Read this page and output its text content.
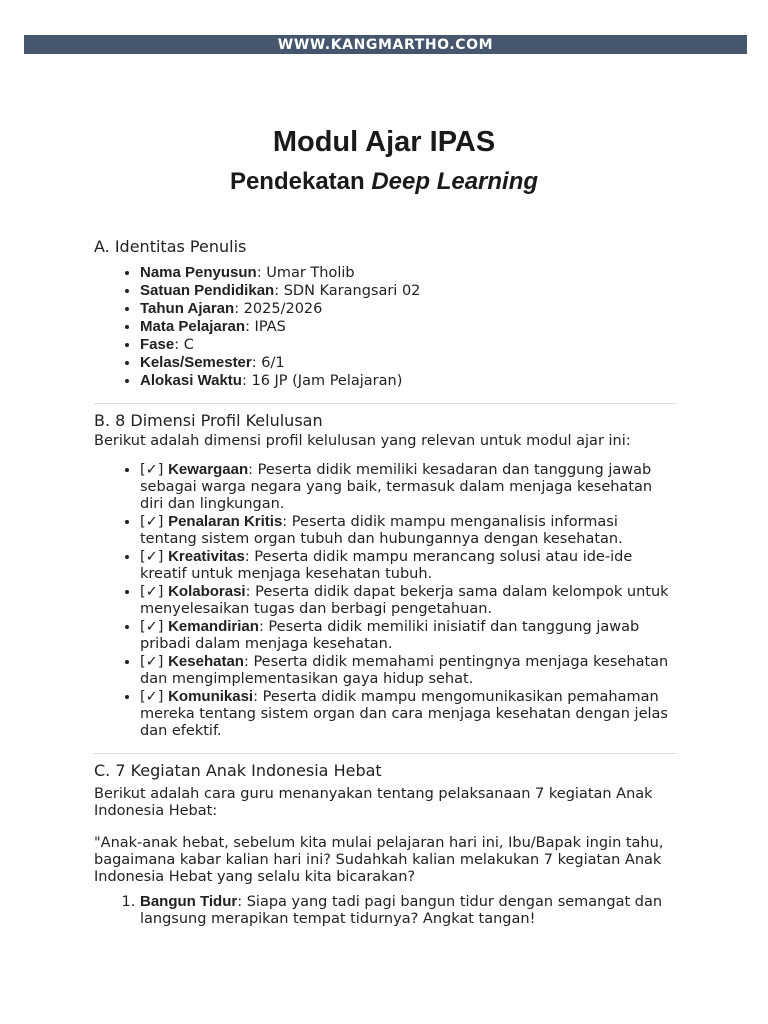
WWW.KANGMARTHO.COM
Modul Ajar IPAS
Pendekatan Deep Learning
A. Identitas Penulis
• Nama Penyusun: Umar Tholib
• Satuan Pendidikan: SDN Karangsari 02
• Tahun Ajaran: 2025/2026
• Mata Pelajaran: IPAS
• Fase: C
• Kelas/Semester: 6/1
• Alokasi Waktu: 16 JP (Jam Pelajaran)
B. 8 Dimensi Profil Kelulusan

Berikut adalah dimensi profil kelulusan yang relevan untuk modul ajar ini:

• [✓] Kewargaan: Peserta didik memiliki kesadaran dan tanggung jawab sebagai warga negara yang baik, termasuk dalam menjaga kesehatan diri dan lingkungan.
• [✓] Penalaran Kritis: Peserta didik mampu menganalisis informasi tentang sistem organ tubuh dan hubungannya dengan kesehatan.
• [✓] Kreativitas: Peserta didik mampu merancang solusi atau ide-ide kreatif untuk menjaga kesehatan tubuh.
• [✓] Kolaborasi: Peserta didik dapat bekerja sama dalam kelompok untuk menyelesaikan tugas dan berbagi pengetahuan.
• [✓] Kemandirian: Peserta didik memiliki inisiatif dan tanggung jawab pribadi dalam menjaga kesehatan.
• [✓] Kesehatan: Peserta didik memahami pentingnya menjaga kesehatan dan mengimplementasikan gaya hidup sehat.
• [✓] Komunikasi: Peserta didik mampu mengomunikasikan pemahaman mereka tentang sistem organ dan cara menjaga kesehatan dengan jelas dan efektif.
C. 7 Kegiatan Anak Indonesia Hebat

Berikut adalah cara guru menanyakan tentang pelaksanaan 7 kegiatan Anak Indonesia Hebat:

"Anak-anak hebat, sebelum kita mulai pelajaran hari ini, Ibu/Bapak ingin tahu, bagaimana kabar kalian hari ini? Sudahkah kalian melakukan 7 kegiatan Anak Indonesia Hebat yang selalu kita bicarakan?

1. Bangun Tidur: Siapa yang tadi pagi bangun tidur dengan semangat dan langsung merapikan tempat tidurnya? Angkat tangan!
